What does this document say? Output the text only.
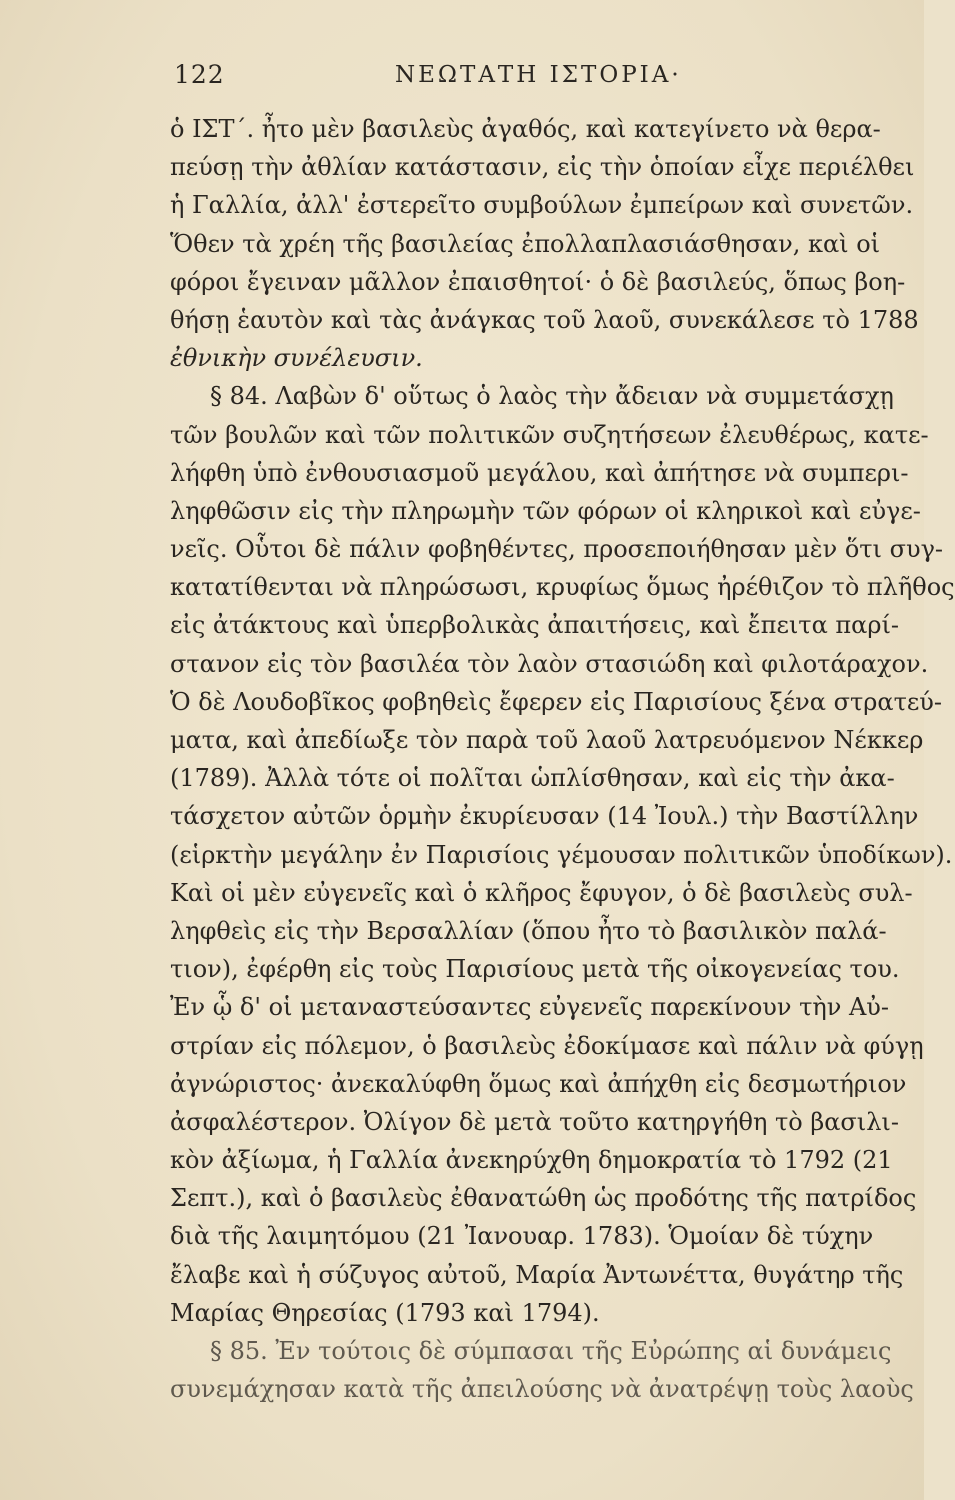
122	ΝΕΩΤΑΤΗ ΙΣΤΟΡΙΑ·
ὁ ΙΣΤ΄. ἦτο μὲν βασιλεὺς ἀγαθός, καὶ κατεγίνετο νὰ θερα-
πεύσῃ τὴν ἀθλίαν κατάστασιν, εἰς τὴν ὁποίαν εἶχε περιέλθει
ἡ Γαλλία, ἀλλ' ἐστερεῖτο συμβούλων ἐμπείρων καὶ συνετῶν.
Ὅθεν τὰ χρέη τῆς βασιλείας ἐπολλαπλασιάσθησαν, καὶ οἱ
φόροι ἔγειναν μᾶλλον ἐπαισθητοί· ὁ δὲ βασιλεύς, ὅπως βοη-
θήσῃ ἑαυτὸν καὶ τὰς ἀνάγκας τοῦ λαοῦ, συνεκάλεσε τὸ 1788
ἐθνικὴν συνέλευσιν.
§ 84. Λαβὼν δ' οὕτως ὁ λαὸς τὴν ἄδειαν νὰ συμμετάσχῃ
τῶν βουλῶν καὶ τῶν πολιτικῶν συζητήσεων ἐλευθέρως, κατε-
λήφθη ὑπὸ ἐνθουσιασμοῦ μεγάλου, καὶ ἀπήτησε νὰ συμπερι-
ληφθῶσιν εἰς τὴν πληρωμὴν τῶν φόρων οἱ κληρικοὶ καὶ εὐγε-
νεῖς. Οὗτοι δὲ πάλιν φοβηθέντες, προσεποιήθησαν μὲν ὅτι συγ-
κατατίθενται νὰ πληρώσωσι, κρυφίως ὅμως ἠρέθιζον τὸ πλῆθος
εἰς ἀτάκτους καὶ ὑπερβολικὰς ἀπαιτήσεις, καὶ ἔπειτα παρί-
στανον εἰς τὸν βασιλέα τὸν λαὸν στασιώδη καὶ φιλοτάραχον.
Ὁ δὲ Λουδοβῖκος φοβηθεὶς ἔφερεν εἰς Παρισίους ξένα στρατεύ-
ματα, καὶ ἀπεδίωξε τὸν παρὰ τοῦ λαοῦ λατρευόμενον Νέκκερ
(1789). Ἀλλὰ τότε οἱ πολῖται ὡπλίσθησαν, καὶ εἰς τὴν ἀκα-
τάσχετον αὐτῶν ὁρμὴν ἐκυρίευσαν (14 Ἰουλ.) τὴν Βαστίλλην
(εἱρκτὴν μεγάλην ἐν Παρισίοις γέμουσαν πολιτικῶν ὑποδίκων).
Καὶ οἱ μὲν εὐγενεῖς καὶ ὁ κλῆρος ἔφυγον, ὁ δὲ βασιλεὺς συλ-
ληφθεὶς εἰς τὴν Βερσαλλίαν (ὅπου ἦτο τὸ βασιλικὸν παλά-
τιον), ἐφέρθη εἰς τοὺς Παρισίους μετὰ τῆς οἰκογενείας του.
Ἐν ᾧ δ' οἱ μεταναστεύσαντες εὐγενεῖς παρεκίνουν τὴν Αὐ-
στρίαν εἰς πόλεμον, ὁ βασιλεὺς ἐδοκίμασε καὶ πάλιν νὰ φύγῃ
ἀγνώριστος· ἀνεκαλύφθη ὅμως καὶ ἀπήχθη εἰς δεσμωτήριον
ἀσφαλέστερον. Ὀλίγον δὲ μετὰ τοῦτο κατηργήθη τὸ βασιλι-
κὸν ἀξίωμα, ἡ Γαλλία ἀνεκηρύχθη δημοκρατία τὸ 1792 (21
Σεπτ.), καὶ ὁ βασιλεὺς ἐθανατώθη ὡς προδότης τῆς πατρίδος
διὰ τῆς λαιμητόμου (21 Ἰανουαρ. 1783). Ὁμοίαν δὲ τύχην
ἔλαβε καὶ ἡ σύζυγος αὐτοῦ, Μαρία Ἀντωνέττα, θυγάτηρ τῆς
Μαρίας Θηρεσίας (1793 καὶ 1794).
§ 85. Ἐν τούτοις δὲ σύμπασαι τῆς Εὐρώπης αἱ δυνάμεις
συνεμάχησαν κατὰ τῆς ἀπειλούσης νὰ ἀνατρέψῃ τοὺς λαοὺς
